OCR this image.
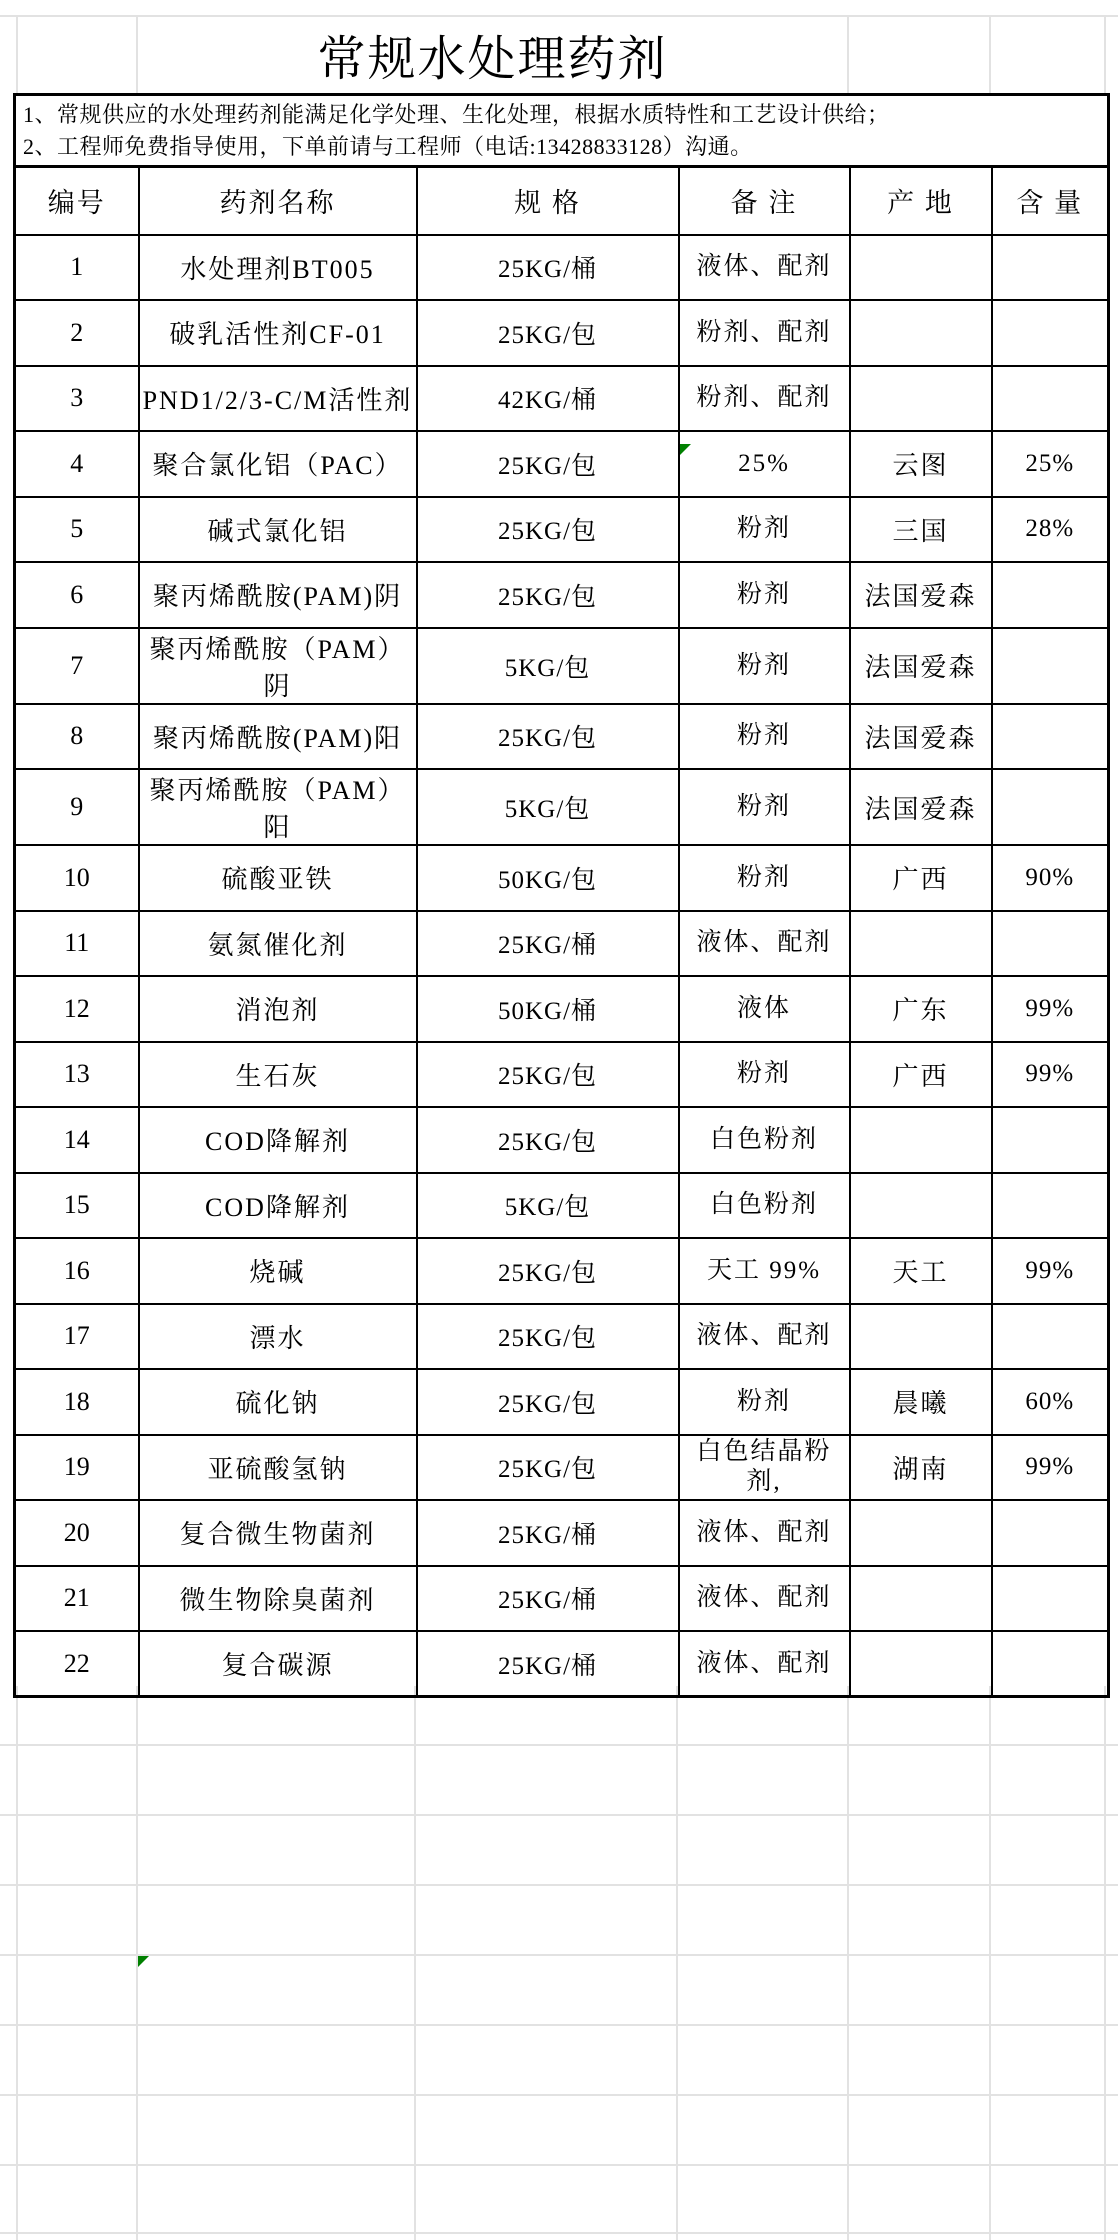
常规水处理药剂
1、常规供应的水处理药剂能满足化学处理、生化处理，根据水质特性和工艺设计供给；
2、工程师免费指导使用，下单前请与工程师（电话:13428833128）沟通。					

编号	药剂名称	规 格	备 注	产 地	含 量
1	水处理剂BT005	25KG/桶	液体、配剂		
2	破乳活性剂CF-01	25KG/包	粉剂、配剂		
3	PND1/2/3-C/M活性剂	42KG/桶	粉剂、配剂		
4	聚合氯化铝（PAC）	25KG/包	25%	云图	25%
5	碱式氯化铝	25KG/包	粉剂	三国	28%
6	聚丙烯酰胺(PAM)阴	25KG/包	粉剂	法国爱森	
7	聚丙烯酰胺（PAM）阴	5KG/包	粉剂	法国爱森	
8	聚丙烯酰胺(PAM)阳	25KG/包	粉剂	法国爱森	
9	聚丙烯酰胺（PAM）阳	5KG/包	粉剂	法国爱森	
10	硫酸亚铁	50KG/包	粉剂	广西	90%
11	氨氮催化剂	25KG/桶	液体、配剂		
12	消泡剂	50KG/桶	液体	广东	99%
13	生石灰	25KG/包	粉剂	广西	99%
14	COD降解剂	25KG/包	白色粉剂		
15	COD降解剂	5KG/包	白色粉剂		
16	烧碱	25KG/包	天工 99%	天工	99%
17	漂水	25KG/包	液体、配剂		
18	硫化钠	25KG/包	粉剂	晨曦	60%
19	亚硫酸氢钠	25KG/包	白色结晶粉剂,	湖南	99%
20	复合微生物菌剂	25KG/桶	液体、配剂		
21	微生物除臭菌剂	25KG/桶	液体、配剂		
22	复合碳源	25KG/桶	液体、配剂		
